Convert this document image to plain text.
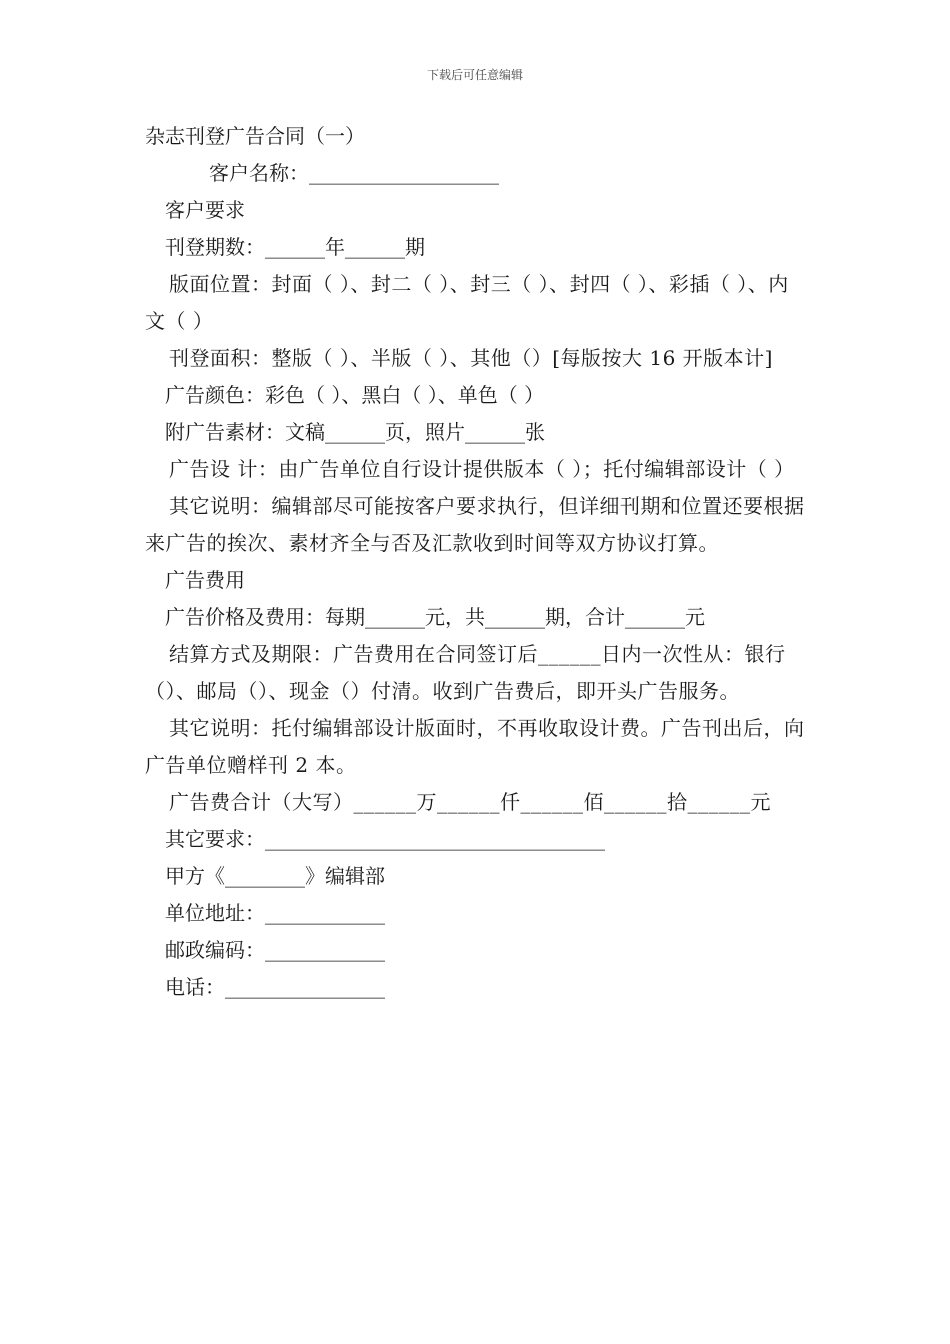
下载后可任意编辑
杂志刊登广告合同（一）
客户名称：___________________
客户要求
刊登期数：______年______期
版面位置：封面（ ）、封二（ ）、封三（ ）、封四（ ）、彩插（ ）、内文（ ）
刊登面积：整版（ ）、半版（ ）、其他（）[每版按大 16 开版本计]
广告颜色：彩色（ ）、黑白（ ）、单色（ ）
附广告素材：文稿______页，照片______张
广告设 计：由广告单位自行设计提供版本（ ）；托付编辑部设计（ ）
其它说明：编辑部尽可能按客户要求执行，但详细刊期和位置还要根据来广告的挨次、素材齐全与否及汇款收到时间等双方协议打算。
广告费用
广告价格及费用：每期______元，共______期，合计______元
结算方式及期限：广告费用在合同签订后______日内一次性从：银行（）、邮局（）、现金（）付清。收到广告费后，即开头广告服务。
其它说明：托付编辑部设计版面时，不再收取设计费。广告刊出后，向广告单位赠样刊 2 本。
广告费合计（大写）______万______仟______佰______拾______元
其它要求：__________________________________
甲方《________》编辑部
单位地址：____________
邮政编码：____________
电话：________________
